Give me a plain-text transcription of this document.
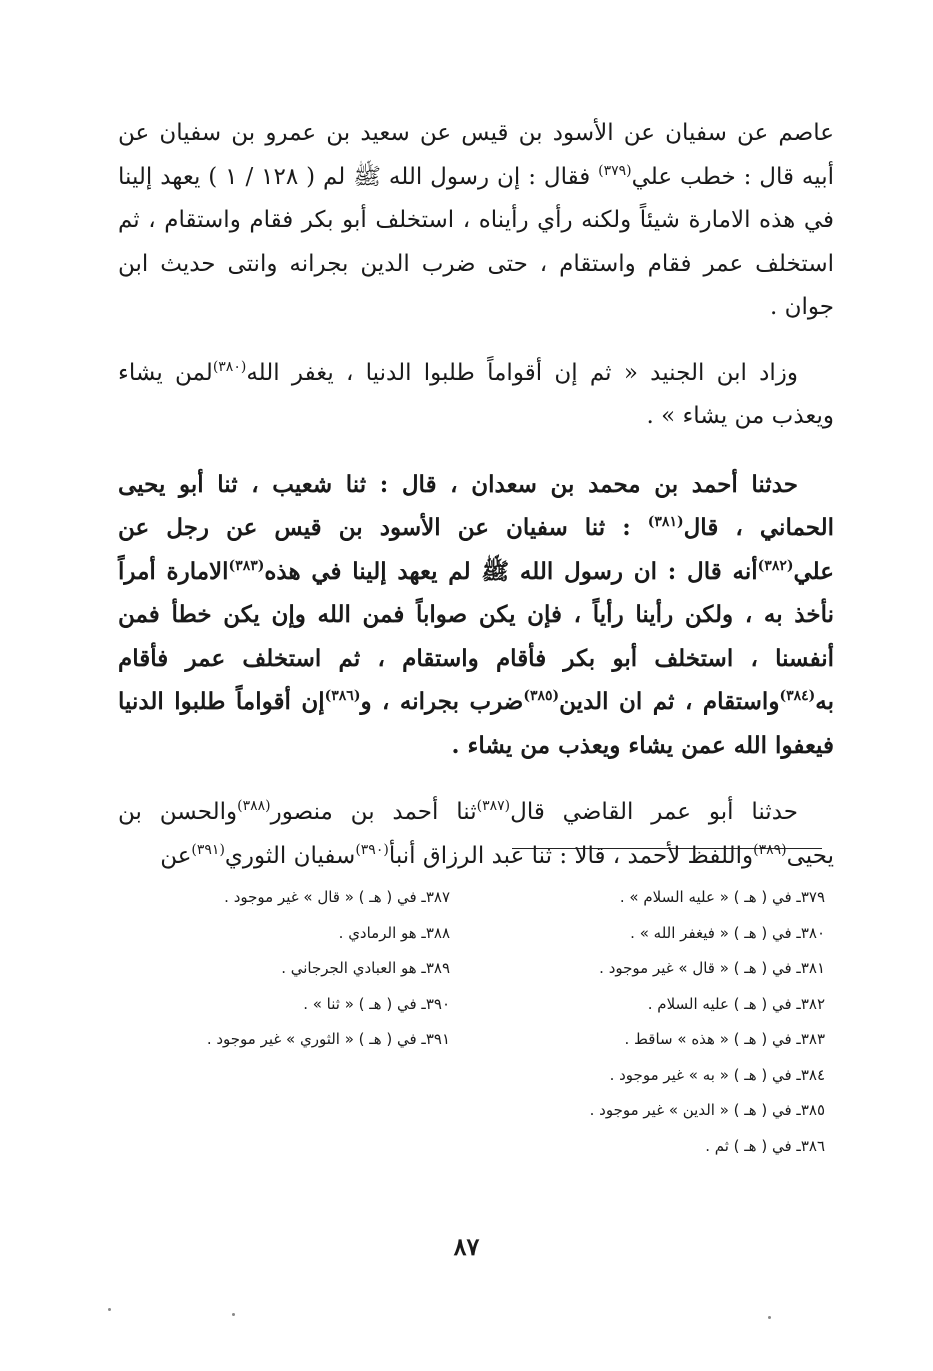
عاصم عن سفيان عن الأسود بن قيس عن سعيد بن عمرو بن سفيان عن أبيه قال : خطب علي$^{(٣٧٩)}$ فقال : إن رسول الله ﷺ لم ( ١٢٨ / ١ ) يعهد إلينا في هذه الامارة شيئاً ولكنه رأي رأيناه ، استخلف أبو بكر فقام واستقام ، ثم استخلف عمر فقام واستقام ، حتى ضرب الدين بجرانه وانتى حديث ابن جوان .

وزاد ابن الجنيد « ثم إن أقواماً طلبوا الدنيا ، يغفر الله$^{(٣٨٠)}$لمن يشاء ويعذب من يشاء » .

حدثنا أحمد بن محمد بن سعدان ، قال : ثنا شعيب ، ثنا أبو يحيى الحماني ، قال$^{(٣٨١)}$ : ثنا سفيان عن الأسود بن قيس عن رجل عن علي$^{(٣٨٢)}$أنه قال : ان رسول الله ﷺ لم يعهد إلينا في هذه$^{(٣٨٣)}$الامارة أمراً نأخذ به ، ولكن رأينا رأياً ، فإن يكن صواباً فمن الله وإن يكن خطأ فمن أنفسنا ، استخلف أبو بكر فأقام واستقام ، ثم استخلف عمر فأقام به$^{(٣٨٤)}$واستقام ، ثم ان الدين$^{(٣٨٥)}$ضرب بجرانه ، و$^{(٣٨٦)}$إن أقواماً طلبوا الدنيا فيعفوا الله عمن يشاء ويعذب من يشاء .

حدثنا أبو عمر القاضي قال$^{(٣٨٧)}$ثنا أحمد بن منصور$^{(٣٨٨)}$والحسن بن يحيى$^{(٣٨٩)}$واللفظ لأحمد ، قالا : ثنا عبد الرزاق أنبأ$^{(٣٩٠)}$سفيان الثوري$^{(٣٩١)}$عن

٣٧٩ـ في ( هـ ) « عليه السلام » .
٣٨٠ـ في ( هـ ) « فيغفر الله » .
٣٨١ـ في ( هـ ) « قال » غير موجود .
٣٨٢ـ في ( هـ ) عليه السلام .
٣٨٣ـ في ( هـ ) « هذه » ساقط .
٣٨٤ـ في ( هـ ) « به » غير موجود .
٣٨٥ـ في ( هـ ) « الدين » غير موجود .
٣٨٦ـ في ( هـ ) ثم .
٣٨٧ـ في ( هـ ) « قال » غير موجود .
٣٨٨ـ هو الرمادي .
٣٨٩ـ هو العبادي الجرجاني .
٣٩٠ـ في ( هـ ) « ثنا » .
٣٩١ـ في ( هـ ) « الثوري » غير موجود .
٨٧
